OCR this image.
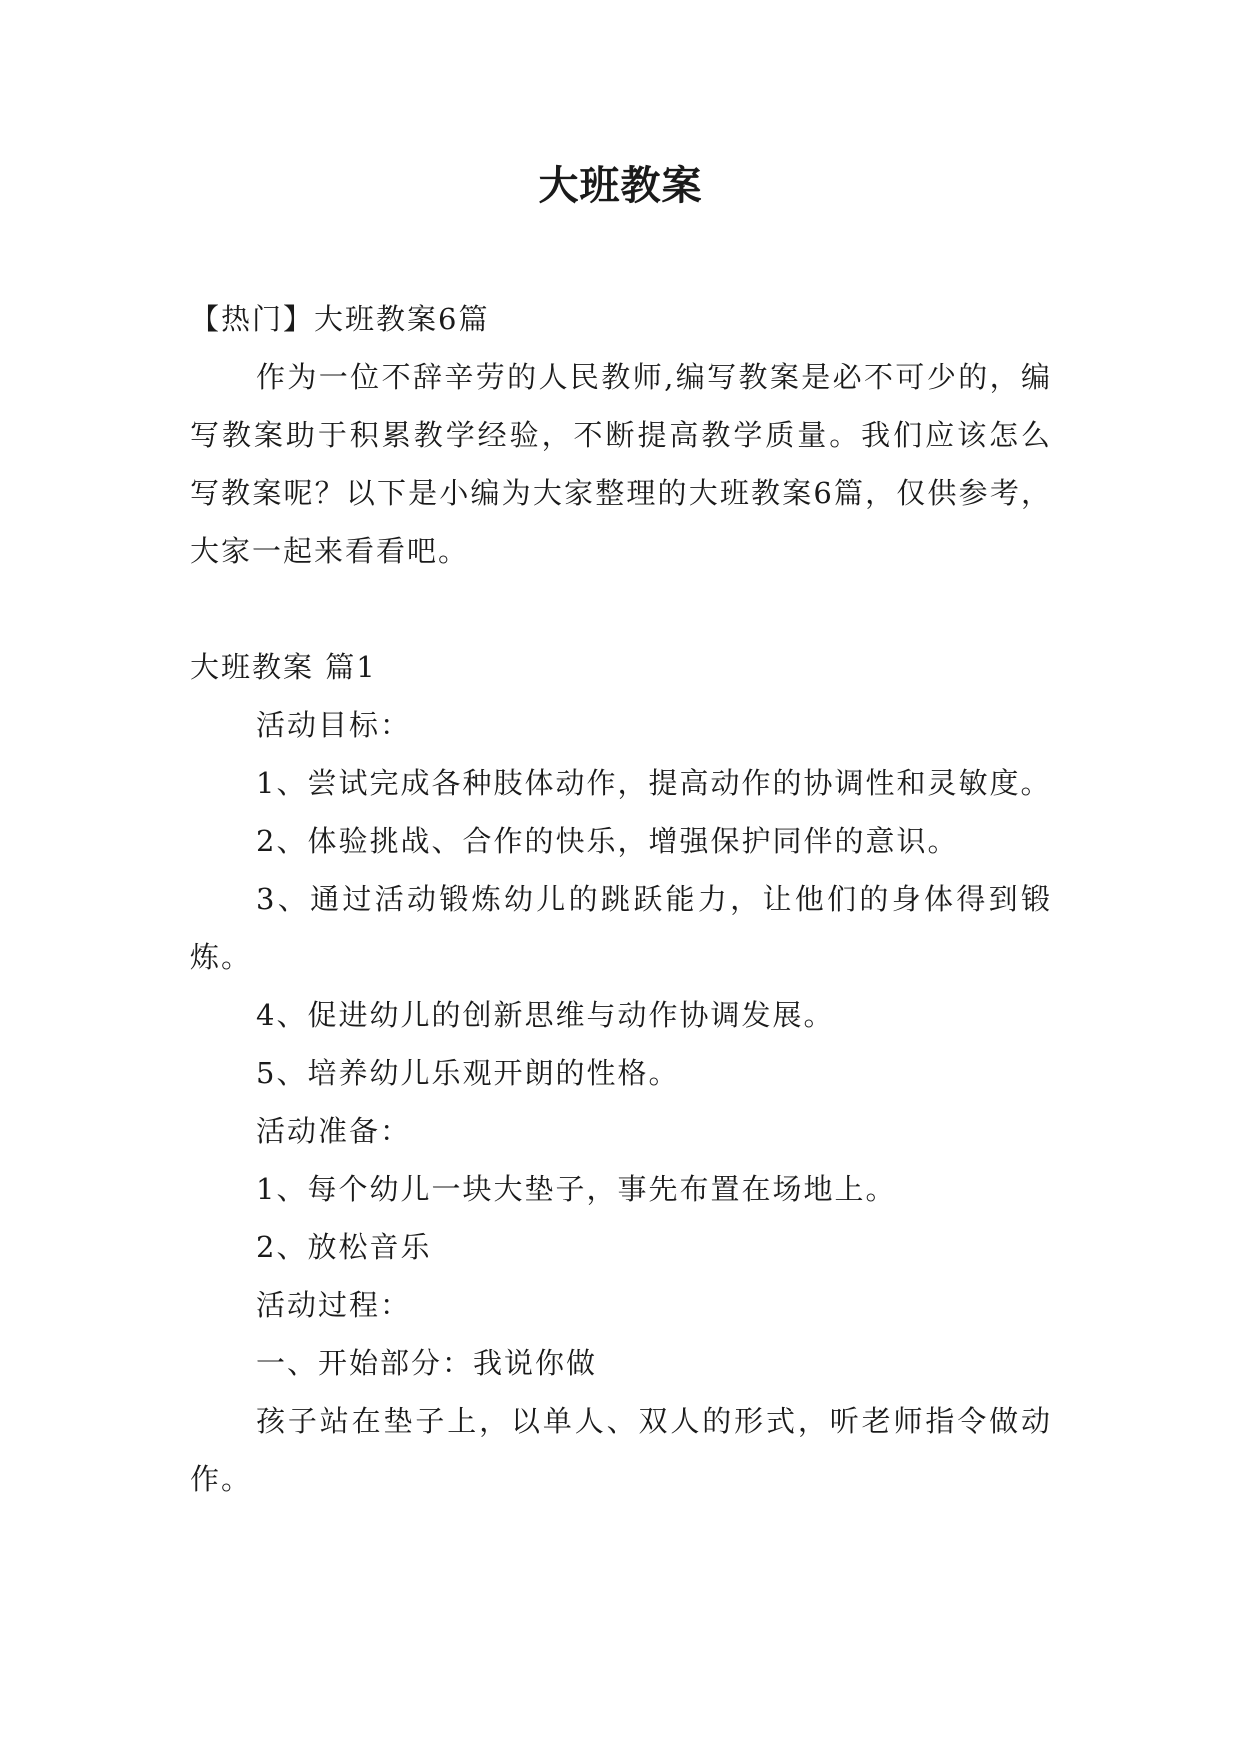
大班教案

【热门】大班教案6篇

作为一位不辞辛劳的人民教师,编写教案是必不可少的，编写教案助于积累教学经验，不断提高教学质量。我们应该怎么写教案呢？以下是小编为大家整理的大班教案6篇，仅供参考，大家一起来看看吧。

大班教案 篇1

活动目标：

1、尝试完成各种肢体动作，提高动作的协调性和灵敏度。

2、体验挑战、合作的快乐，增强保护同伴的意识。

3、通过活动锻炼幼儿的跳跃能力，让他们的身体得到锻炼。

4、促进幼儿的创新思维与动作协调发展。

5、培养幼儿乐观开朗的性格。

活动准备：

1、每个幼儿一块大垫子，事先布置在场地上。

2、放松音乐

活动过程：

一、开始部分：我说你做

孩子站在垫子上，以单人、双人的形式，听老师指令做动作。
